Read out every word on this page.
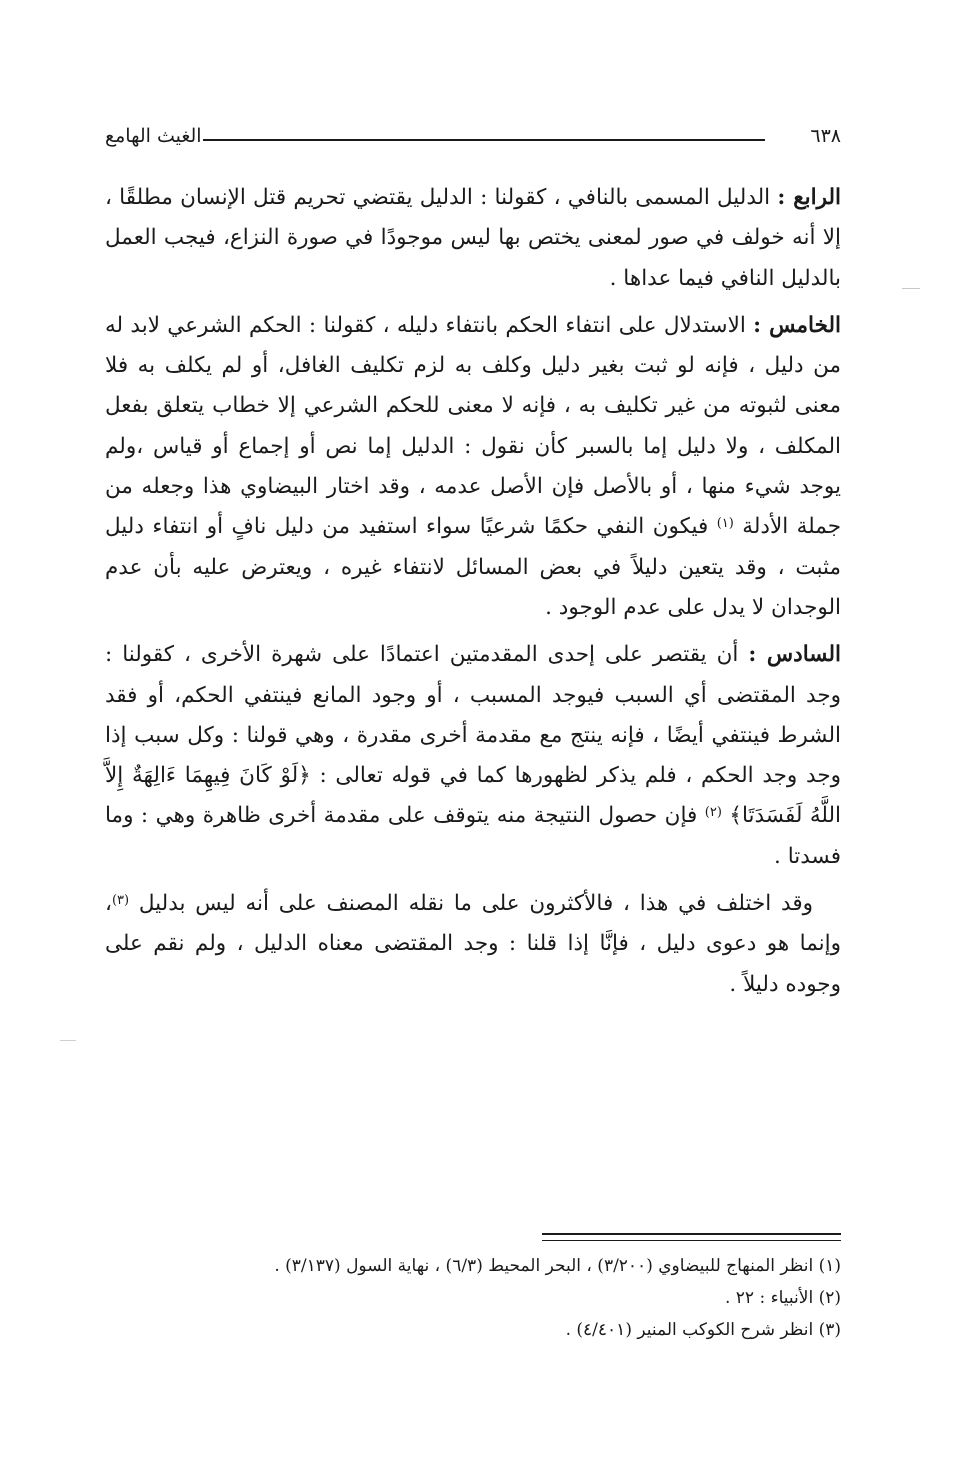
الغيث الهامع	٦٣٨

الرابع : الدليل المسمى بالنافي ، كقولنا : الدليل يقتضي تحريم قتل الإنسان مطلقًا ، إلا أنه خولف في صور لمعنى يختص بها ليس موجودًا في صورة النزاع، فيجب العمل بالدليل النافي فيما عداها .

الخامس : الاستدلال على انتفاء الحكم بانتفاء دليله ، كقولنا : الحكم الشرعي لابد له من دليل ، فإنه لو ثبت بغير دليل وكلف به لزم تكليف الغافل، أو لم يكلف به فلا معنى لثبوته من غير تكليف به ، فإنه لا معنى للحكم الشرعي إلا خطاب يتعلق بفعل المكلف ، ولا دليل إما بالسبر كأن نقول : الدليل إما نص أو إجماع أو قياس ،ولم يوجد شيء منها ، أو بالأصل فإن الأصل عدمه ، وقد اختار البيضاوي هذا وجعله من جملة الأدلة $^{(١)}$ فيكون النفي حكمًا شرعيًا سواء استفيد من دليل نافٍ أو انتفاء دليل مثبت ، وقد يتعين دليلاً في بعض المسائل لانتفاء غيره ، ويعترض عليه بأن عدم الوجدان لا يدل على عدم الوجود .

السادس : أن يقتصر على إحدى المقدمتين اعتمادًا على شهرة الأخرى ، كقولنا : وجد المقتضى أي السبب فيوجد المسبب ، أو وجود المانع فينتفي الحكم، أو فقد الشرط فينتفي أيضًا ، فإنه ينتج مع مقدمة أخرى مقدرة ، وهي قولنا : وكل سبب إذا وجد وجد الحكم ، فلم يذكر لظهورها كما في قوله تعالى : ﴿لَوْ كَانَ فِيهِمَا ءَالِهَةٌ إِلاَّ اللَّهُ لَفَسَدَتَا﴾ $^{(٢)}$ فإن حصول النتيجة منه يتوقف على مقدمة أخرى ظاهرة وهي : وما فسدتا .

وقد اختلف في هذا ، فالأكثرون على ما نقله المصنف على أنه ليس بدليل $^{(٣)}$، وإنما هو دعوى دليل ، فإنَّا إذا قلنا : وجد المقتضى معناه الدليل ، ولم نقم على وجوده دليلاً .

(١) انظر المنهاج للبيضاوي (٣/٢٠٠) ، البحر المحيط (٦/٣) ، نهاية السول (٣/١٣٧) .
(٢) الأنبياء : ٢٢ .
(٣) انظر شرح الكوكب المنير (٤/٤٠١) .
